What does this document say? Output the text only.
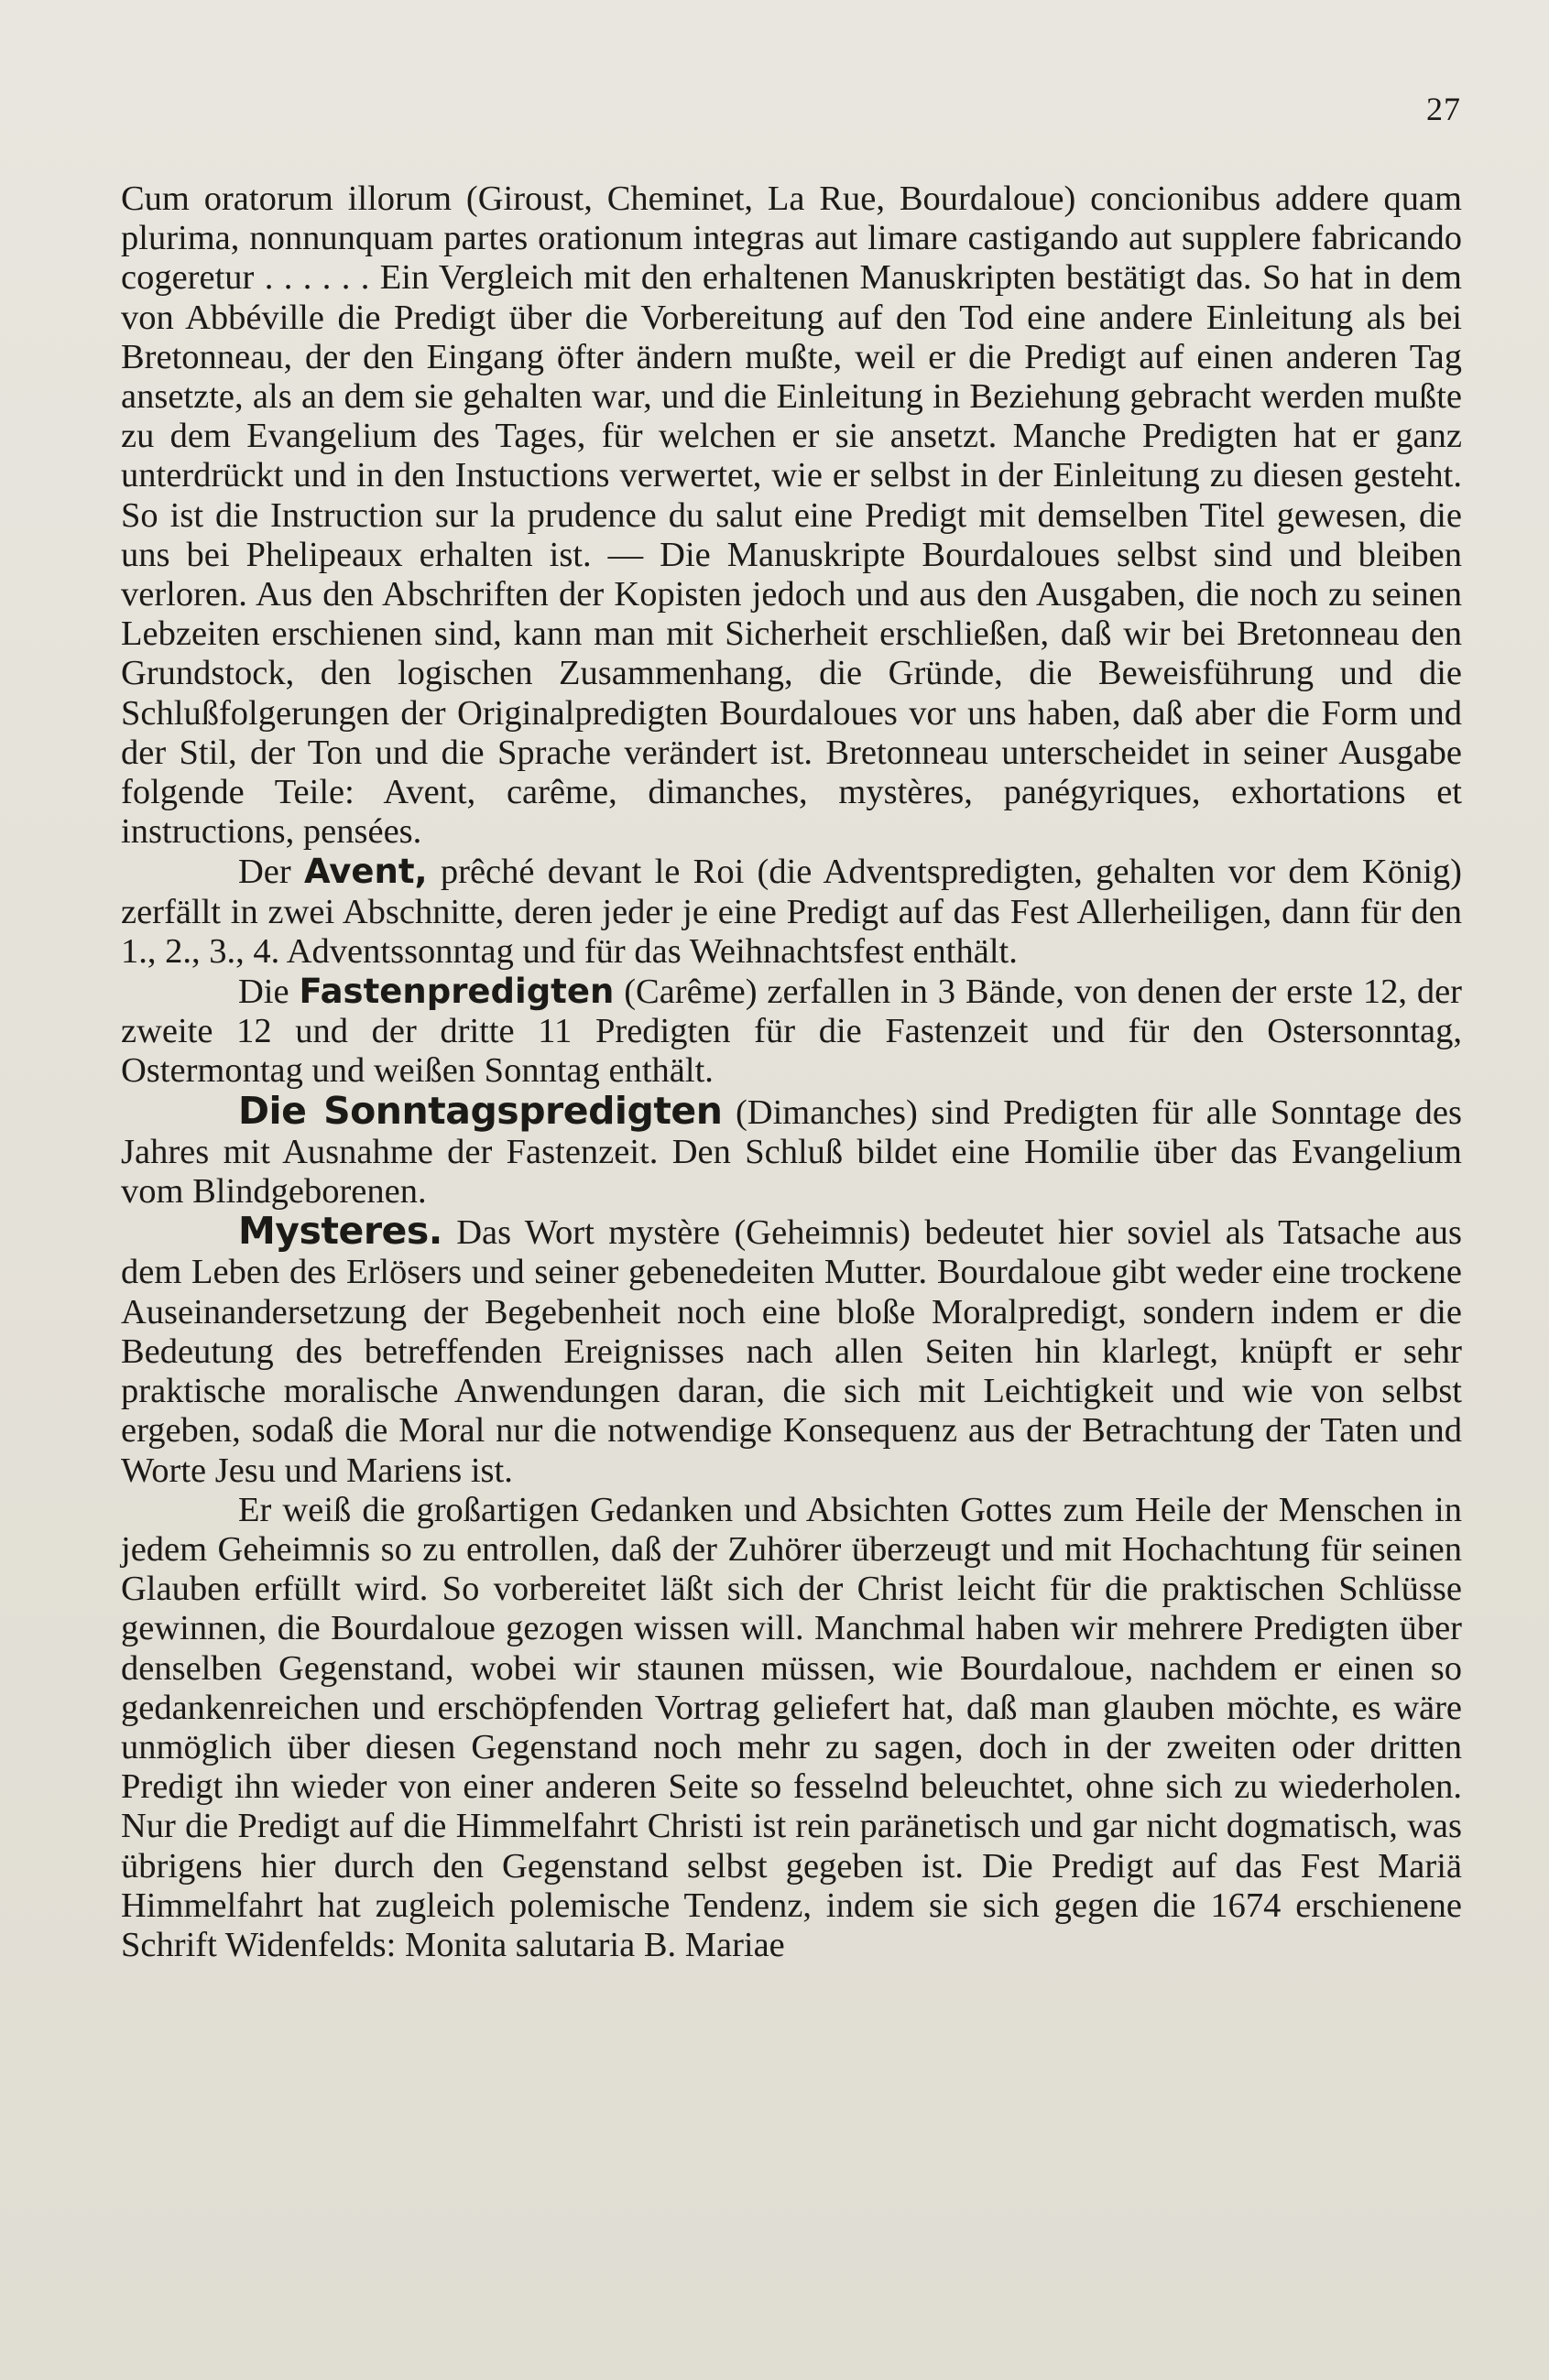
27

Cum oratorum illorum (Giroust, Cheminet, La Rue, Bourdaloue) concionibus addere quam plurima, nonnunquam partes orationum integras aut limare castigando aut supplere fabricando cogeretur . . . . . . Ein Vergleich mit den erhaltenen Manuskripten bestätigt das. So hat in dem von Abbéville die Predigt über die Vorbereitung auf den Tod eine andere Einleitung als bei Bretonneau, der den Eingang öfter ändern mußte, weil er die Predigt auf einen anderen Tag ansetzte, als an dem sie gehalten war, und die Einleitung in Beziehung gebracht werden mußte zu dem Evangelium des Tages, für welchen er sie ansetzt. Manche Predigten hat er ganz unterdrückt und in den Instuctions verwertet, wie er selbst in der Einleitung zu diesen gesteht. So ist die Instruction sur la prudence du salut eine Predigt mit demselben Titel gewesen, die uns bei Phelipeaux erhalten ist. — Die Manuskripte Bourdaloues selbst sind und bleiben verloren. Aus den Abschriften der Kopisten jedoch und aus den Ausgaben, die noch zu seinen Lebzeiten erschienen sind, kann man mit Sicherheit erschließen, daß wir bei Bretonneau den Grundstock, den logischen Zusammenhang, die Gründe, die Beweisführung und die Schlußfolgerungen der Originalpredigten Bourdaloues vor uns haben, daß aber die Form und der Stil, der Ton und die Sprache verändert ist. Bretonneau unterscheidet in seiner Ausgabe folgende Teile: Avent, carême, dimanches, mystères, panégyriques, exhortations et instructions, pensées.

Der Avent, prêché devant le Roi (die Adventspredigten, gehalten vor dem König) zerfällt in zwei Abschnitte, deren jeder je eine Predigt auf das Fest Allerheiligen, dann für den 1., 2., 3., 4. Adventssonntag und für das Weihnachtsfest enthält.

Die Fastenpredigten (Carême) zerfallen in 3 Bände, von denen der erste 12, der zweite 12 und der dritte 11 Predigten für die Fastenzeit und für den Ostersonntag, Ostermontag und weißen Sonntag enthält.

Die Sonntagspredigten (Dimanches) sind Predigten für alle Sonntage des Jahres mit Ausnahme der Fastenzeit. Den Schluß bildet eine Homilie über das Evangelium vom Blindgeborenen.

Mysteres. Das Wort mystère (Geheimnis) bedeutet hier soviel als Tatsache aus dem Leben des Erlösers und seiner gebenedeiten Mutter. Bourdaloue gibt weder eine trockene Auseinandersetzung der Begebenheit noch eine bloße Moralpredigt, sondern indem er die Bedeutung des betreffenden Ereignisses nach allen Seiten hin klarlegt, knüpft er sehr praktische moralische Anwendungen daran, die sich mit Leichtigkeit und wie von selbst ergeben, sodaß die Moral nur die notwendige Konsequenz aus der Betrachtung der Taten und Worte Jesu und Mariens ist.

Er weiß die großartigen Gedanken und Absichten Gottes zum Heile der Menschen in jedem Geheimnis so zu entrollen, daß der Zuhörer überzeugt und mit Hochachtung für seinen Glauben erfüllt wird. So vorbereitet läßt sich der Christ leicht für die praktischen Schlüsse gewinnen, die Bourdaloue gezogen wissen will. Manchmal haben wir mehrere Predigten über denselben Gegenstand, wobei wir staunen müssen, wie Bourdaloue, nachdem er einen so gedankenreichen und erschöpfenden Vortrag geliefert hat, daß man glauben möchte, es wäre unmöglich über diesen Gegenstand noch mehr zu sagen, doch in der zweiten oder dritten Predigt ihn wieder von einer anderen Seite so fesselnd beleuchtet, ohne sich zu wiederholen. Nur die Predigt auf die Himmelfahrt Christi ist rein paränetisch und gar nicht dogmatisch, was übrigens hier durch den Gegenstand selbst gegeben ist. Die Predigt auf das Fest Mariä Himmelfahrt hat zugleich polemische Tendenz, indem sie sich gegen die 1674 erschienene Schrift Widenfelds: Monita salutaria B. Mariae
